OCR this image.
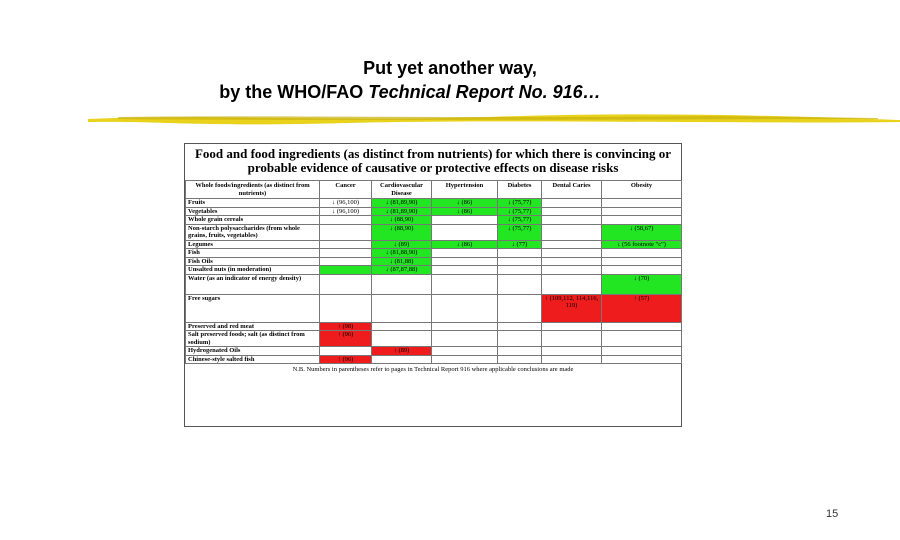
Put yet another way,
by the WHO/FAO Technical Report No. 916…
Food and food ingredients (as distinct from nutrients) for which there is convincing or probable evidence of causative or protective effects on disease risks
Whole foods/ingredients (as distinct from nutrients)	Cancer	Cardiovascular Disease	Hypertension	Diabetes	Dental Caries	Obesity
Fruits	↓ (96,100)	↓ (81,89,90)	↓ (86)	↓ (75,77)		
Vegetables	↓ (96,100)	↓ (81,89,90)	↓ (86)	↓ (75,77)		
Whole grain cereals		↓ (88,90)		↓ (75,77)		
Non-starch polysaccharides (from whole grains, fruits, vegetables)		↓ (88,90)		↓ (75,77)		↓ (58,67)
Legumes		↓ (89)	↓ (86)	↓ (77)		↓ (56 footnote "c")
Fish		↓ (81,88,90)				
Fish Oils		↓ (81,88)				
Unsalted nuts (in moderation)		↓ (87,87,88)				
Water (as an indicator of energy density)						↓ (70)
Free sugars					↑ (109,112, 114,116, 119)	↑ (57)
Preserved and red meat	↑ (98)					
Salt preserved foods; salt (as distinct from sodium)	↑ (96)					
Hydrogenated Oils		↑ (89)				
Chinese-style salted fish	↑ (96)					
N.B. Numbers in parentheses refer to pages in Technical Report 916 where applicable conclusions are made
15
